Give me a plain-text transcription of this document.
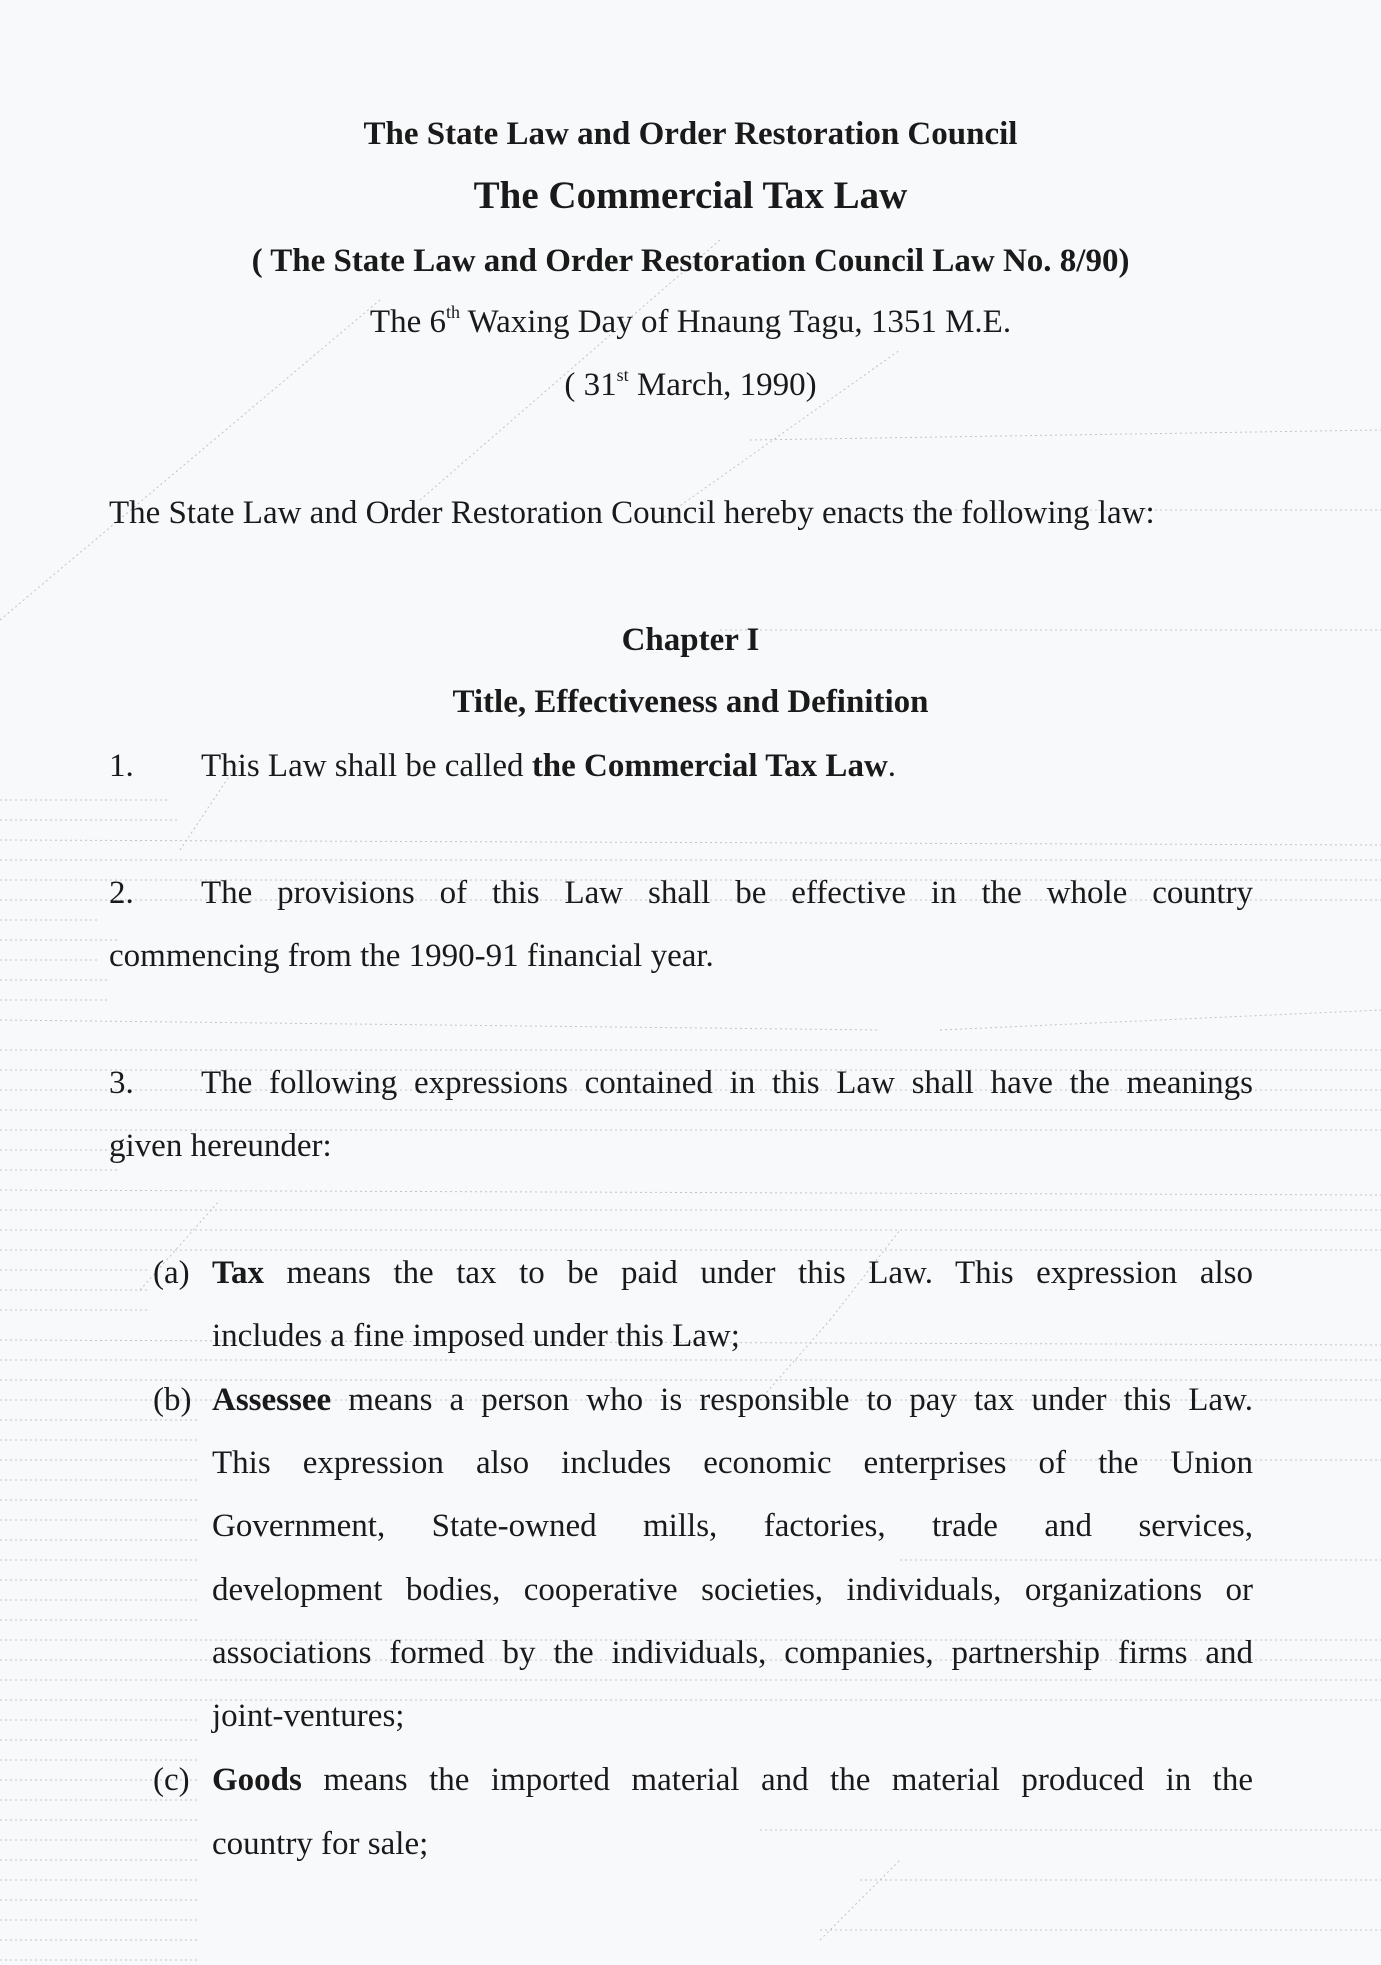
The State Law and Order Restoration Council
The Commercial Tax Law
( The State Law and Order Restoration Council Law No. 8/90)
The 6th Waxing Day of Hnaung Tagu, 1351 M.E.
( 31st March, 1990)
The State Law and Order Restoration Council hereby enacts the following law:
Chapter I
Title, Effectiveness and Definition
1. This Law shall be called the Commercial Tax Law.
2. The provisions of this Law shall be effective in the whole country
commencing from the 1990-91 financial year.
3. The following expressions contained in this Law shall have the meanings
given hereunder:
(a) Tax means the tax to be paid under this Law. This expression also
includes a fine imposed under this Law;
(b) Assessee means a person who is responsible to pay tax under this Law.
This expression also includes economic enterprises of the Union
Government, State-owned mills, factories, trade and services,
development bodies, cooperative societies, individuals, organizations or
associations formed by the individuals, companies, partnership firms and
joint-ventures;
(c) Goods means the imported material and the material produced in the
country for sale;
